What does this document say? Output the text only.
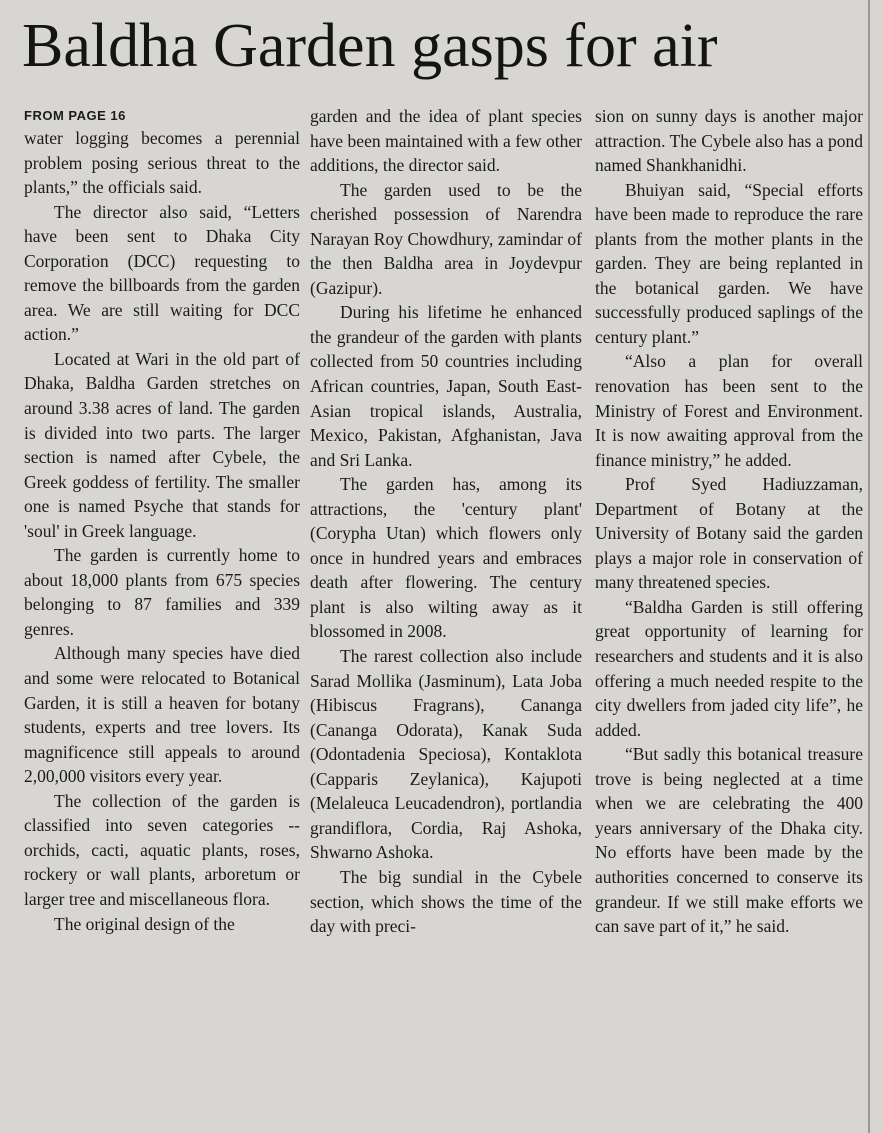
Baldha Garden gasps for air
FROM PAGE 16

water logging becomes a perennial problem posing serious threat to the plants,” the officials said.

The director also said, “Letters have been sent to Dhaka City Corporation (DCC) requesting to remove the billboards from the garden area. We are still waiting for DCC action.”

Located at Wari in the old part of Dhaka, Baldha Garden stretches on around 3.38 acres of land. The garden is divided into two parts. The larger section is named after Cybele, the Greek goddess of fertility. The smaller one is named Psyche that stands for 'soul' in Greek language.

The garden is currently home to about 18,000 plants from 675 species belonging to 87 families and 339 genres.

Although many species have died and some were relocated to Botanical Garden, it is still a heaven for botany students, experts and tree lovers. Its magnificence still appeals to around 2,00,000 visitors every year.

The collection of the garden is classified into seven categories -- orchids, cacti, aquatic plants, roses, rockery or wall plants, arboretum or larger tree and miscellaneous flora.

The original design of the

garden and the idea of plant species have been maintained with a few other additions, the director said.

The garden used to be the cherished possession of Narendra Narayan Roy Chowdhury, zamindar of the then Baldha area in Joydevpur (Gazipur).

During his lifetime he enhanced the grandeur of the garden with plants collected from 50 countries including African countries, Japan, South East-Asian tropical islands, Australia, Mexico, Pakistan, Afghanistan, Java and Sri Lanka.

The garden has, among its attractions, the 'century plant' (Corypha Utan) which flowers only once in hundred years and embraces death after flowering. The century plant is also wilting away as it blossomed in 2008.

The rarest collection also include Sarad Mollika (Jasminum), Lata Joba (Hibiscus Fragrans), Cananga (Cananga Odorata), Kanak Suda (Odontadenia Speciosa), Kontaklota (Capparis Zeylanica), Kajupoti (Melaleuca Leucadendron), portlandia grandiflora, Cordia, Raj Ashoka, Shwarno Ashoka.

The big sundial in the Cybele section, which shows the time of the day with preci-

sion on sunny days is another major attraction. The Cybele also has a pond named Shankhanidhi.

Bhuiyan said, “Special efforts have been made to reproduce the rare plants from the mother plants in the garden. They are being replanted in the botanical garden. We have successfully produced saplings of the century plant.”

“Also a plan for overall renovation has been sent to the Ministry of Forest and Environment. It is now awaiting approval from the finance ministry,” he added.

Prof Syed Hadiuzzaman, Department of Botany at the University of Botany said the garden plays a major role in conservation of many threatened species.

“Baldha Garden is still offering great opportunity of learning for researchers and students and it is also offering a much needed respite to the city dwellers from jaded city life”, he added.

“But sadly this botanical treasure trove is being neglected at a time when we are celebrating the 400 years anniversary of the Dhaka city. No efforts have been made by the authorities concerned to conserve its grandeur. If we still make efforts we can save part of it,” he said.
